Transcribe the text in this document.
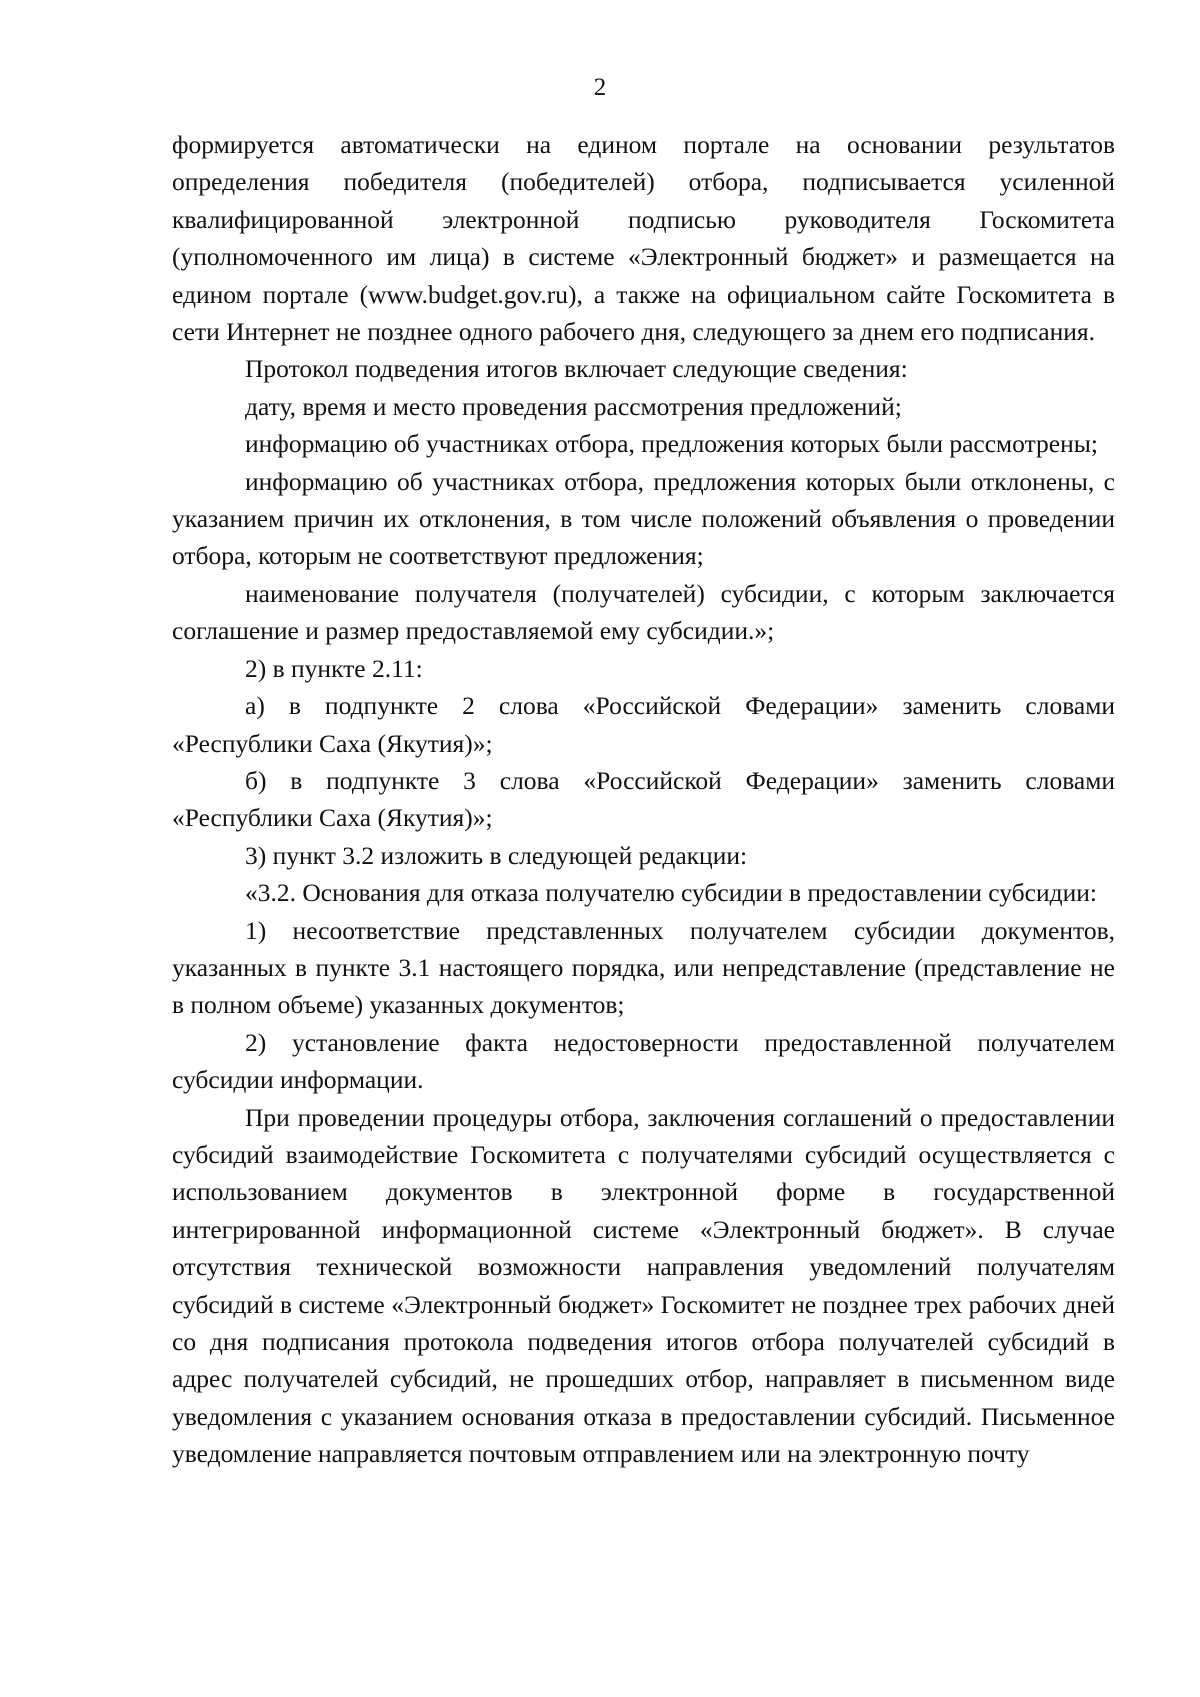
2

формируется автоматически на едином портале на основании результатов определения победителя (победителей) отбора, подписывается усиленной квалифицированной электронной подписью руководителя Госкомитета (уполномоченного им лица) в системе «Электронный бюджет» и размещается на едином портале (www.budget.gov.ru), а также на официальном сайте Госкомитета в сети Интернет не позднее одного рабочего дня, следующего за днем его подписания.

Протокол подведения итогов включает следующие сведения:

дату, время и место проведения рассмотрения предложений;

информацию об участниках отбора, предложения которых были рассмотрены;

информацию об участниках отбора, предложения которых были отклонены, с указанием причин их отклонения, в том числе положений объявления о проведении отбора, которым не соответствуют предложения;

наименование получателя (получателей) субсидии, с которым заключается соглашение и размер предоставляемой ему субсидии.»;

2) в пункте 2.11:

а) в подпункте 2 слова «Российской Федерации» заменить словами «Республики Саха (Якутия)»;

б) в подпункте 3 слова «Российской Федерации» заменить словами «Республики Саха (Якутия)»;

3) пункт 3.2 изложить в следующей редакции:

«3.2. Основания для отказа получателю субсидии в предоставлении субсидии:

1) несоответствие представленных получателем субсидии документов, указанных в пункте 3.1 настоящего порядка, или непредставление (представление не в полном объеме) указанных документов;

2) установление факта недостоверности предоставленной получателем субсидии информации.

При проведении процедуры отбора, заключения соглашений о предоставлении субсидий взаимодействие Госкомитета с получателями субсидий осуществляется с использованием документов в электронной форме в государственной интегрированной информационной системе «Электронный бюджет». В случае отсутствия технической возможности направления уведомлений получателям субсидий в системе «Электронный бюджет» Госкомитет не позднее трех рабочих дней со дня подписания протокола подведения итогов отбора получателей субсидий в адрес получателей субсидий, не прошедших отбор, направляет в письменном виде уведомления с указанием основания отказа в предоставлении субсидий. Письменное уведомление направляется почтовым отправлением или на электронную почту
